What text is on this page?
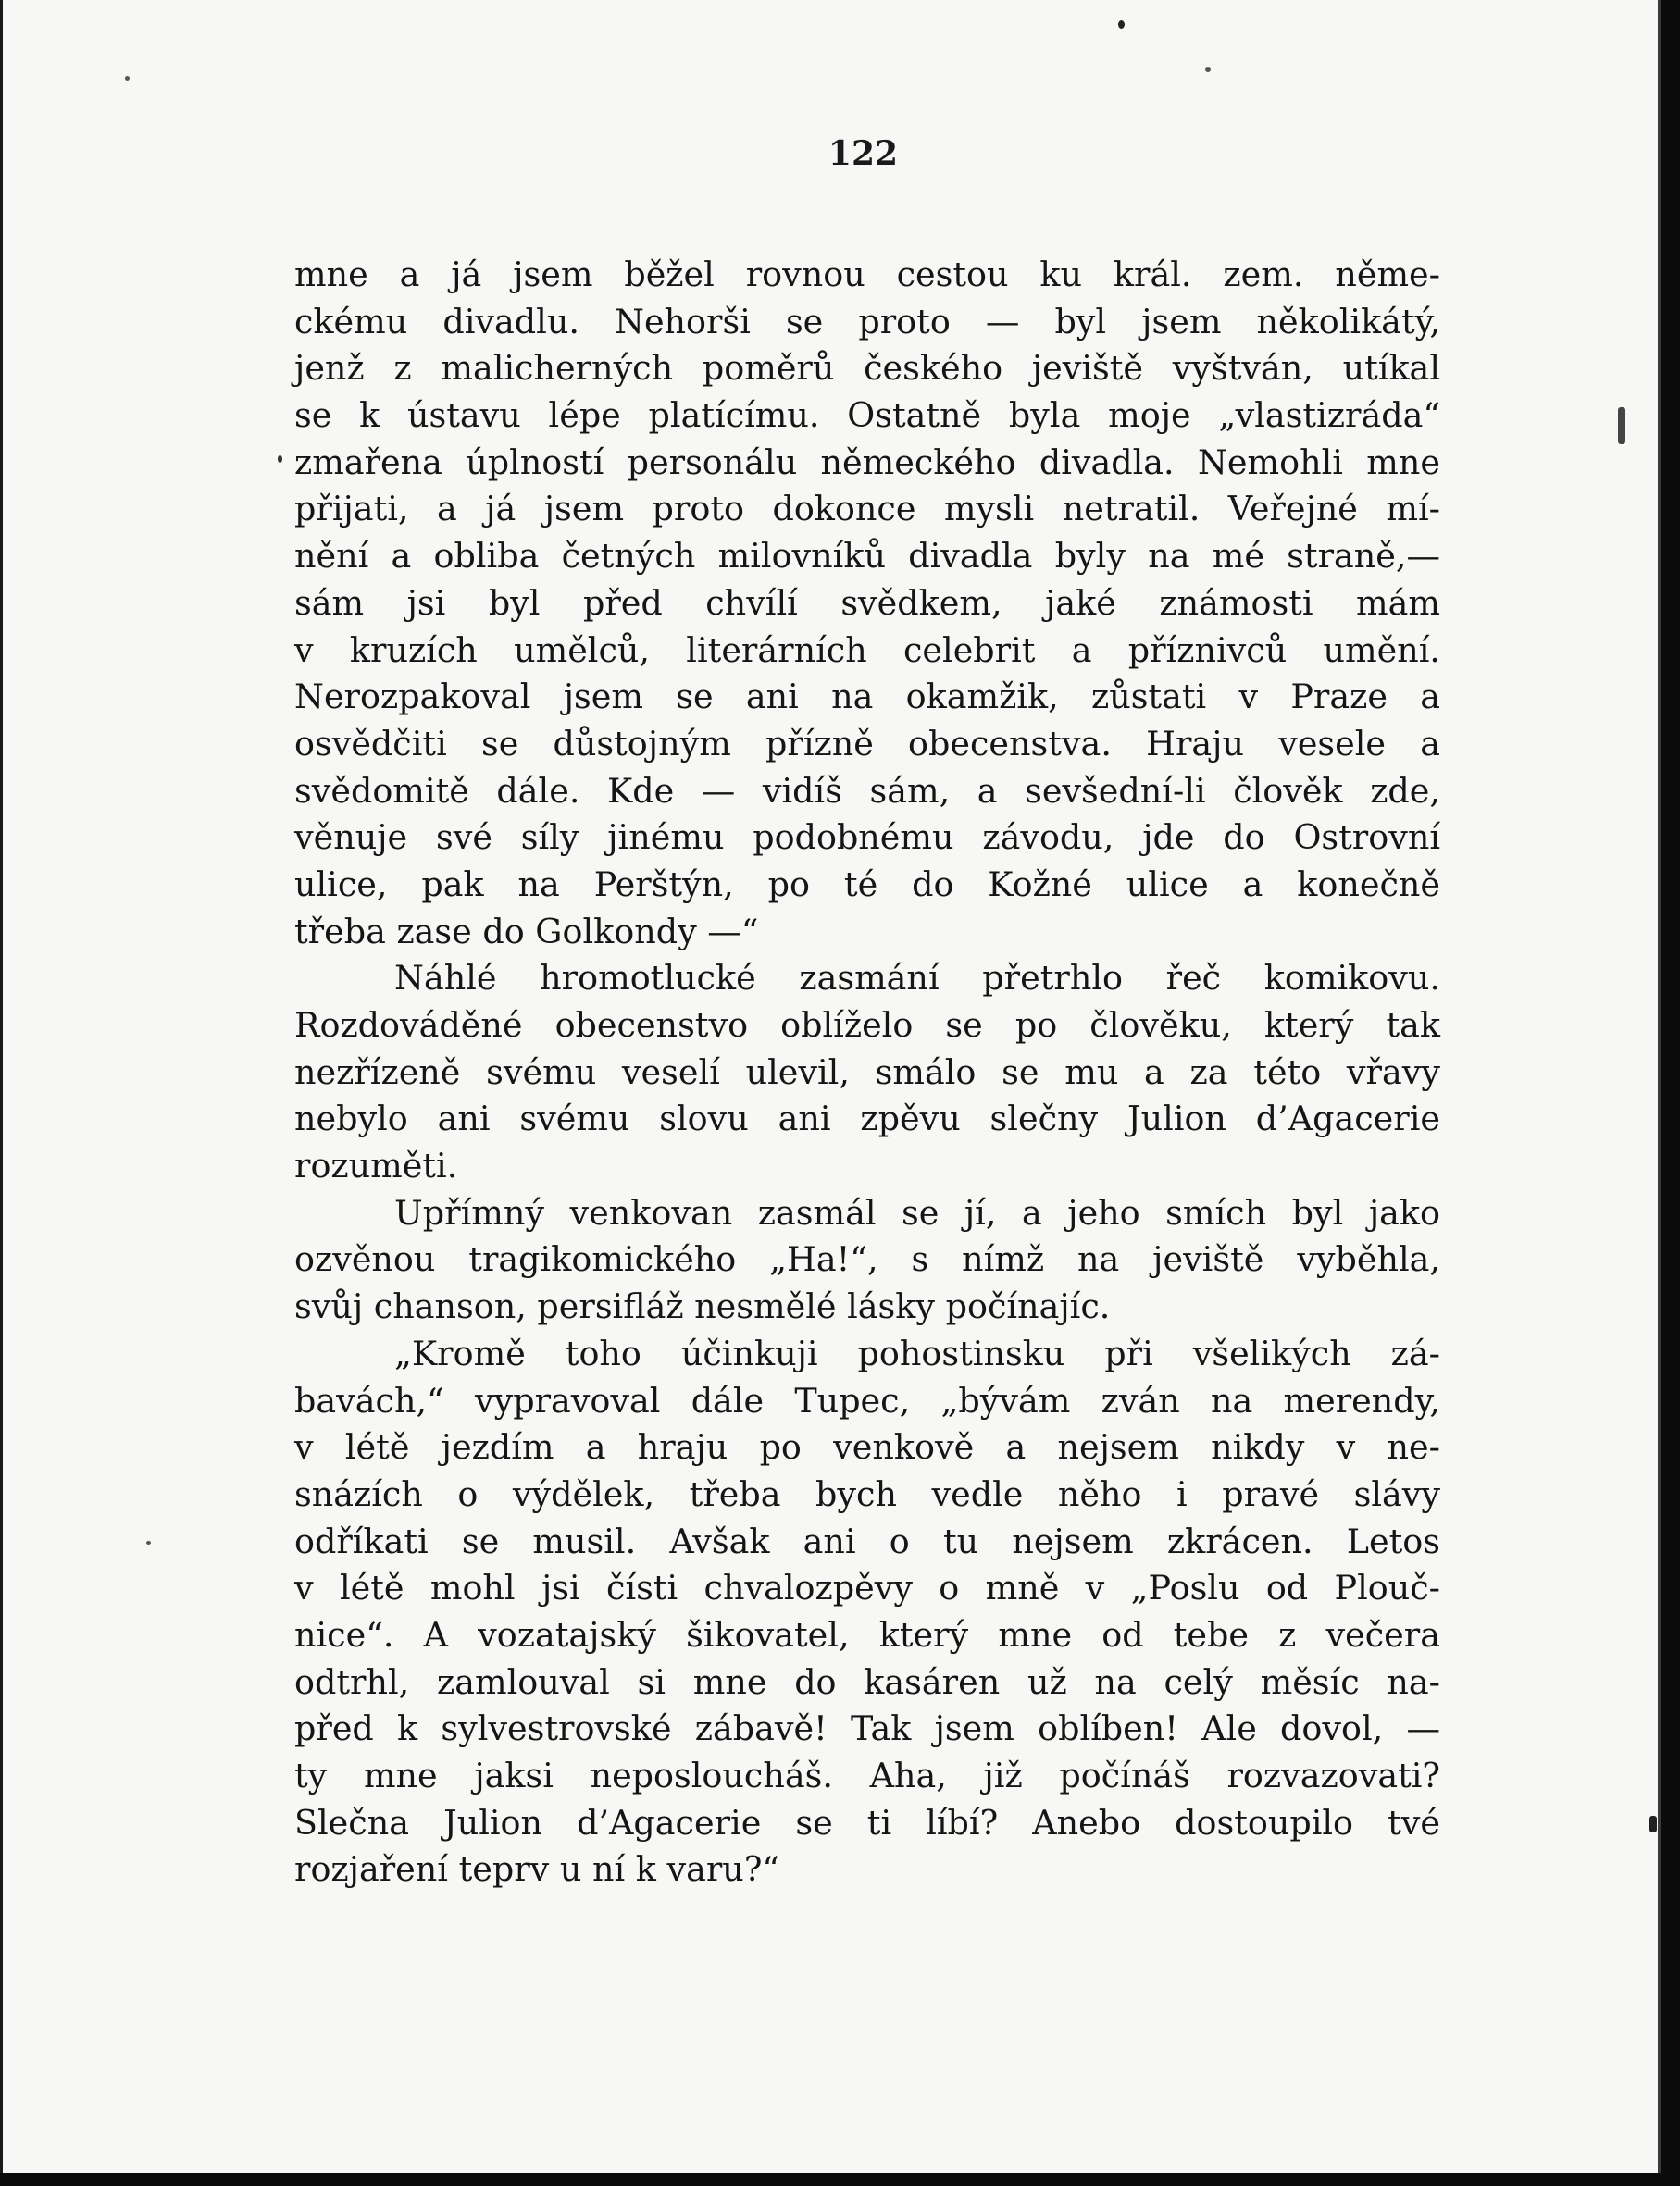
122
mne a já jsem běžel rovnou cestou ku král. zem. něme-
ckému divadlu. Nehorši se proto — byl jsem několikátý,
jenž z malicherných poměrů českého jeviště vyštván, utíkal
se k ústavu lépe platícímu. Ostatně byla moje „vlastizráda“
zmařena úplností personálu německého divadla. Nemohli mne
přijati, a já jsem proto dokonce mysli netratil. Veřejné mí-
nění a obliba četných milovníků divadla byly na mé straně,—
sám jsi byl před chvílí svědkem, jaké známosti mám
v kruzích umělců, literárních celebrit a příznivců umění.
Nerozpakoval jsem se ani na okamžik, zůstati v Praze a
osvědčiti se důstojným přízně obecenstva. Hraju vesele a
svědomitě dále. Kde — vidíš sám, a sevšední-li člověk zde,
věnuje své síly jinému podobnému závodu, jde do Ostrovní
ulice, pak na Perštýn, po té do Kožné ulice a konečně
třeba zase do Golkondy —“
Náhlé hromotlucké zasmání přetrhlo řeč komikovu.
Rozdováděné obecenstvo oblíželo se po člověku, který tak
nezřízeně svému veselí ulevil, smálo se mu a za této vřavy
nebylo ani svému slovu ani zpěvu slečny Julion d’Agacerie
rozuměti.
Upřímný venkovan zasmál se jí, a jeho smích byl jako
ozvěnou tragikomického „Ha!“, s nímž na jeviště vyběhla,
svůj chanson, persifláž nesmělé lásky počínajíc.
„Kromě toho účinkuji pohostinsku při všelikých zá-
bavách,“ vypravoval dále Tupec, „bývám zván na merendy,
v létě jezdím a hraju po venkově a nejsem nikdy v ne-
snázích o výdělek, třeba bych vedle něho i pravé slávy
odříkati se musil. Avšak ani o tu nejsem zkrácen. Letos
v létě mohl jsi čísti chvalozpěvy o mně v „Poslu od Plouč-
nice“. A vozatajský šikovatel, který mne od tebe z večera
odtrhl, zamlouval si mne do kasáren už na celý měsíc na-
před k sylvestrovské zábavě! Tak jsem oblíben! Ale dovol, —
ty mne jaksi neposloucháš. Aha, již počínáš rozvazovati?
Slečna Julion d’Agacerie se ti líbí? Anebo dostoupilo tvé
rozjaření teprv u ní k varu?“
